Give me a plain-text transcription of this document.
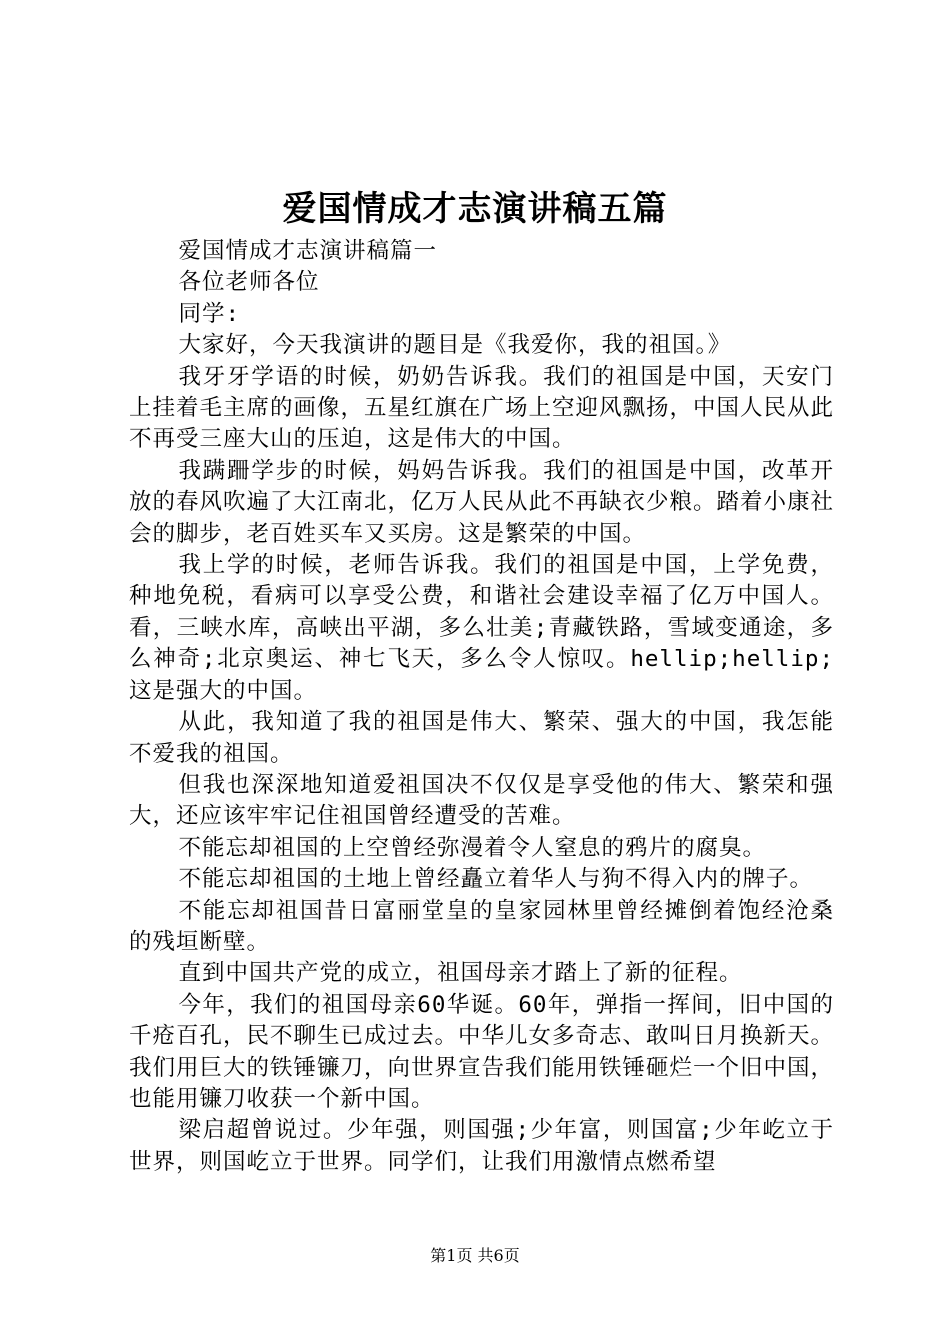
爱国情成才志演讲稿五篇

爱国情成才志演讲稿篇一

各位老师各位

同学:

大家好，今天我演讲的题目是《我爱你，我的祖国。》

我牙牙学语的时候，奶奶告诉我。我们的祖国是中国，天安门上挂着毛主席的画像，五星红旗在广场上空迎风飘扬，中国人民从此不再受三座大山的压迫，这是伟大的中国。

我蹒跚学步的时候，妈妈告诉我。我们的祖国是中国，改革开放的春风吹遍了大江南北，亿万人民从此不再缺衣少粮。踏着小康社会的脚步，老百姓买车又买房。这是繁荣的中国。

我上学的时候，老师告诉我。我们的祖国是中国，上学免费，种地免税，看病可以享受公费，和谐社会建设幸福了亿万中国人。看，三峡水库，高峡出平湖，多么壮美;青藏铁路，雪域变通途，多么神奇;北京奥运、神七飞天，多么令人惊叹。hellip;hellip;这是强大的中国。

从此，我知道了我的祖国是伟大、繁荣、强大的中国，我怎能不爱我的祖国。

但我也深深地知道爱祖国决不仅仅是享受他的伟大、繁荣和强大，还应该牢牢记住祖国曾经遭受的苦难。

不能忘却祖国的上空曾经弥漫着令人窒息的鸦片的腐臭。

不能忘却祖国的土地上曾经矗立着华人与狗不得入内的牌子。

不能忘却祖国昔日富丽堂皇的皇家园林里曾经摊倒着饱经沧桑的残垣断壁。

直到中国共产党的成立，祖国母亲才踏上了新的征程。

今年，我们的祖国母亲60华诞。60年，弹指一挥间，旧中国的千疮百孔，民不聊生已成过去。中华儿女多奇志、敢叫日月换新天。我们用巨大的铁锤镰刀，向世界宣告我们能用铁锤砸烂一个旧中国，也能用镰刀收获一个新中国。

梁启超曾说过。少年强，则国强;少年富，则国富;少年屹立于世界，则国屹立于世界。同学们，让我们用激情点燃希望

第1页 共6页
